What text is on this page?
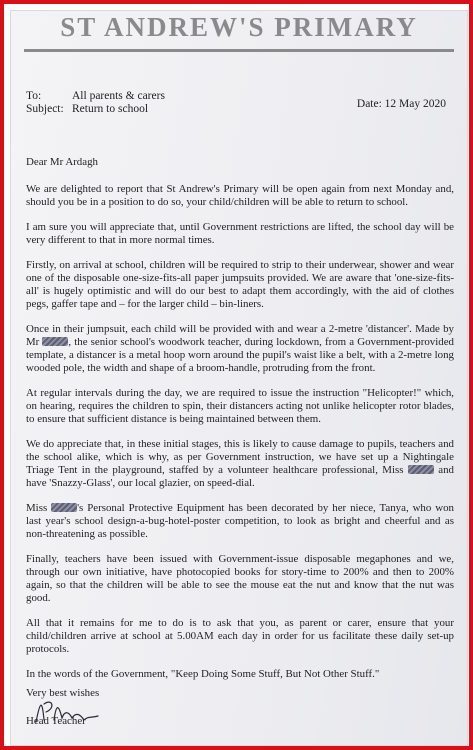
ST ANDREW'S PRIMARY
To:	All parents & carers
Subject: Return to school	Date: 12 May 2020

Dear Mr Ardagh

We are delighted to report that St Andrew's Primary will be open again from next Monday and, should you be in a position to do so, your child/children will be able to return to school.

I am sure you will appreciate that, until Government restrictions are lifted, the school day will be very different to that in more normal times.

Firstly, on arrival at school, children will be required to strip to their underwear, shower and wear one of the disposable one-size-fits-all paper jumpsuits provided. We are aware that 'one-size-fits-all' is hugely optimistic and will do our best to adapt them accordingly, with the aid of clothes pegs, gaffer tape and – for the larger child – bin-liners.

Once in their jumpsuit, each child will be provided with and wear a 2-metre 'distancer'. Made by Mr	, the senior school's woodwork teacher, during lockdown, from a Government-provided template, a distancer is a metal hoop worn around the pupil's waist like a belt, with a 2-metre long wooded pole, the width and shape of a broom-handle, protruding from the front.

At regular intervals during the day, we are required to issue the instruction "Helicopter!" which, on hearing, requires the children to spin, their distancers acting not unlike helicopter rotor blades, to ensure that sufficient distance is being maintained between them.

We do appreciate that, in these initial stages, this is likely to cause damage to pupils, teachers and the school alike, which is why, as per Government instruction, we have set up a Nightingale Triage Tent in the playground, staffed by a volunteer healthcare professional, Miss	and have 'Snazzy-Glass', our local glazier, on speed-dial.

Miss	's Personal Protective Equipment has been decorated by her niece, Tanya, who won last year's school design-a-bug-hotel-poster competition, to look as bright and cheerful and as non-threatening as possible.

Finally, teachers have been issued with Government-issue disposable megaphones and we, through our own initiative, have photocopied books for story-time to 200% and then to 200% again, so that the children will be able to see the mouse eat the nut and know that the nut was good.

All that it remains for me to do is to ask that you, as parent or carer, ensure that your child/children arrive at school at 5.00AM each day in order for us facilitate these daily set-up protocols.

In the words of the Government, "Keep Doing Some Stuff, But Not Other Stuff."

Very best wishes
Head Teacher
